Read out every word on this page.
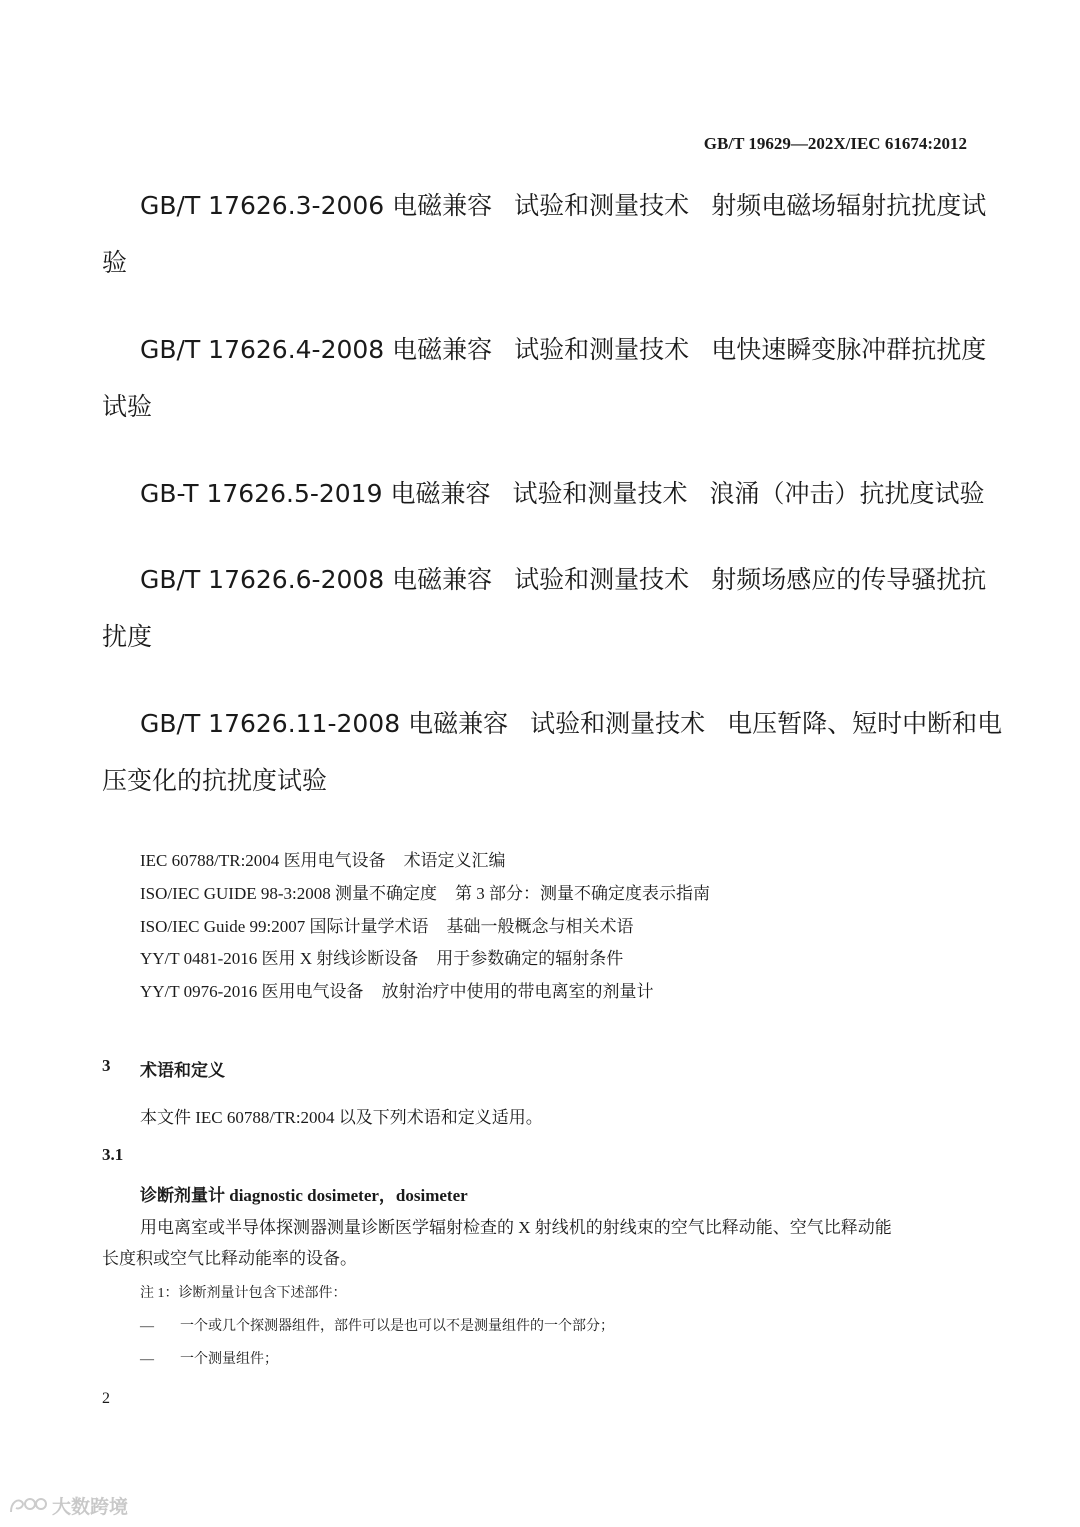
GB/T 19629—202X/IEC 61674:2012
GB/T 17626.3-2006 电磁兼容 试验和测量技术 射频电磁场辐射抗扰度试
验
GB/T 17626.4-2008 电磁兼容 试验和测量技术 电快速瞬变脉冲群抗扰度
试验
GB-T 17626.5-2019 电磁兼容 试验和测量技术 浪涌（冲击）抗扰度试验
GB/T 17626.6-2008 电磁兼容 试验和测量技术 射频场感应的传导骚扰抗
扰度
GB/T 17626.11-2008 电磁兼容 试验和测量技术 电压暂降、短时中断和电
压变化的抗扰度试验
IEC 60788/TR:2004 医用电气设备 术语定义汇编
ISO/IEC GUIDE 98-3:2008 测量不确定度 第 3 部分：测量不确定度表示指南
ISO/IEC Guide 99:2007 国际计量学术语 基础一般概念与相关术语
YY/T 0481-2016 医用 X 射线诊断设备 用于参数确定的辐射条件
YY/T 0976-2016 医用电气设备 放射治疗中使用的带电离室的剂量计
3 术语和定义
本文件 IEC 60788/TR:2004 以及下列术语和定义适用。
3.1
诊断剂量计 diagnostic dosimeter，dosimeter
用电离室或半导体探测器测量诊断医学辐射检查的 X 射线机的射线束的空气比释动能、空气比释动能
长度积或空气比释动能率的设备。
注 1：诊断剂量计包含下述部件：
— 一个或几个探测器组件，部件可以是也可以不是测量组件的一个部分；
— 一个测量组件；
2
大数跨境
